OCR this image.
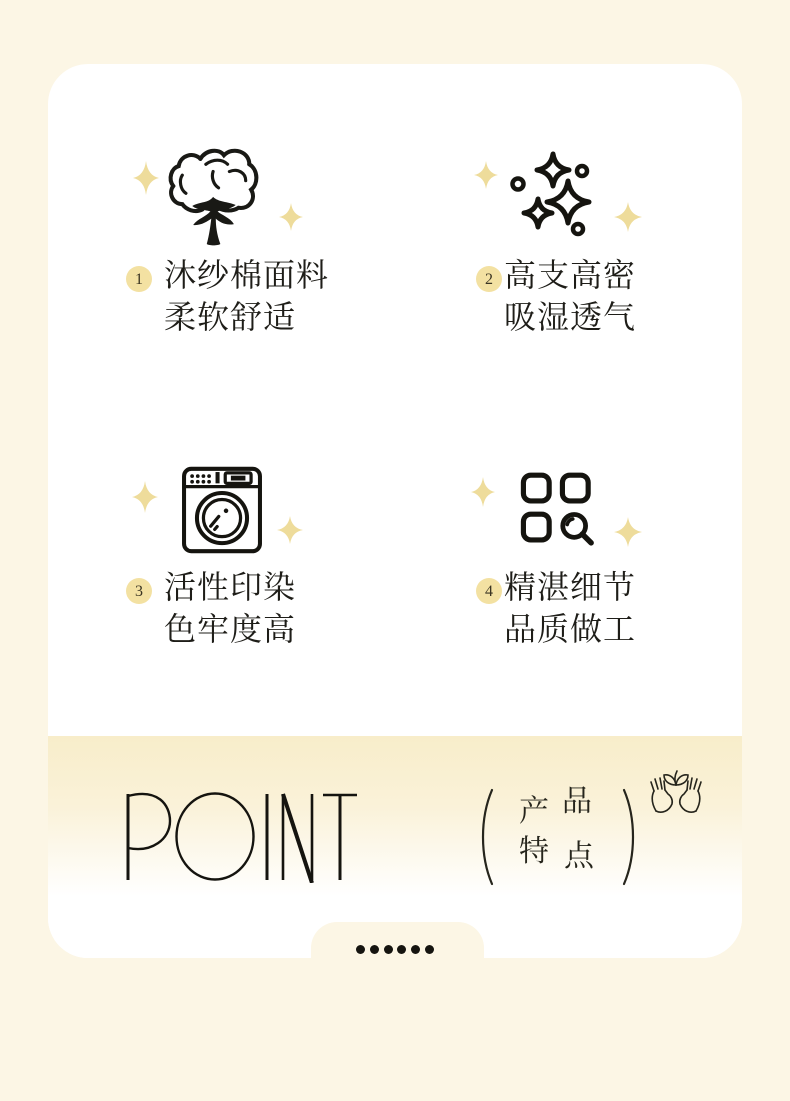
1 沐纱棉面料
柔软舒适
2 高支高密
吸湿透气
3 活性印染
色牢度高
4 精湛细节
品质做工
产 品
特 点
